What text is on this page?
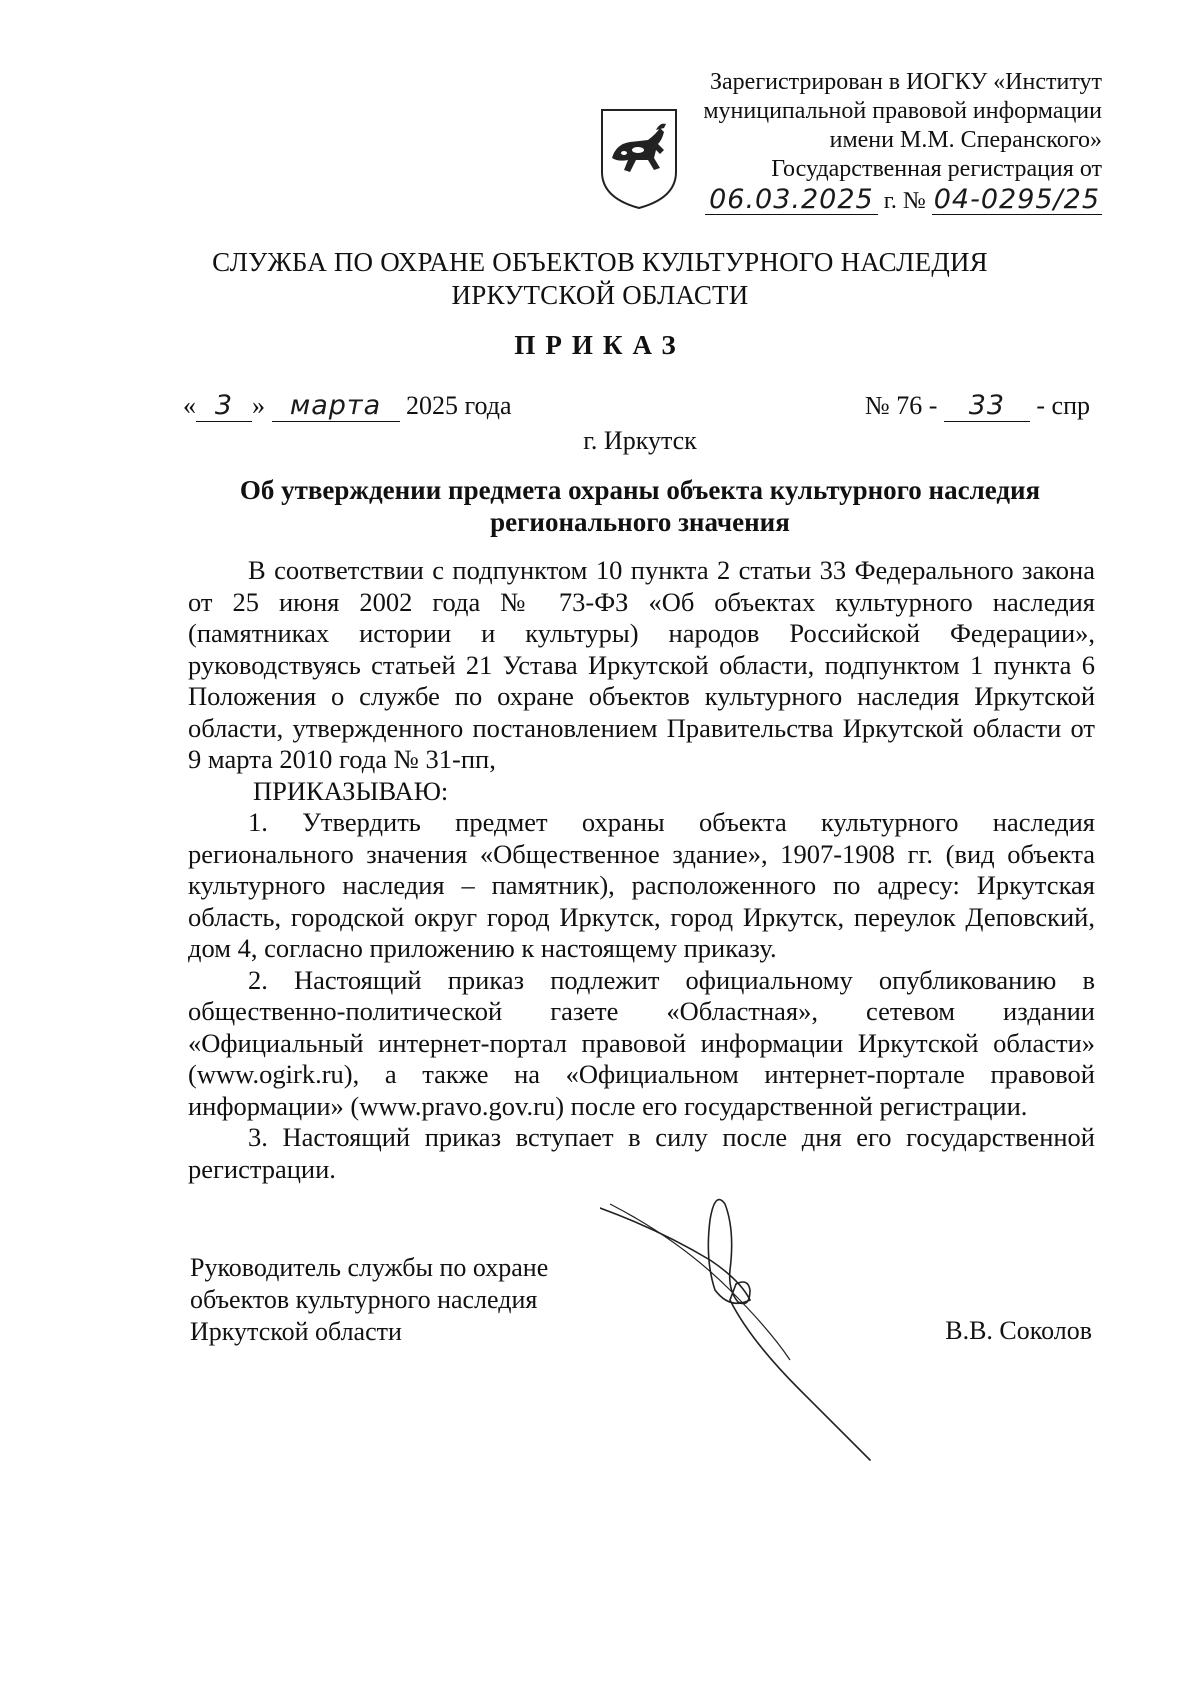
Зарегистрирован в ИОГКУ «Институт
муниципальной правовой информации
имени М.М. Сперанского»
Государственная регистрация от
06.03.2025 г. № 04-0295/25
СЛУЖБА ПО ОХРАНЕ ОБЪЕКТОВ КУЛЬТУРНОГО НАСЛЕДИЯ
ИРКУТСКОЙ ОБЛАСТИ
ПРИКАЗ
« 3 » марта 2025 года	№ 76 - 33 - спр
г. Иркутск
Об утверждении предмета охраны объекта культурного наследия
регионального значения

В соответствии с подпунктом 10 пункта 2 статьи 33 Федерального закона от 25 июня 2002 года № 73-ФЗ «Об объектах культурного наследия (памятниках истории и культуры) народов Российской Федерации», руководствуясь статьей 21 Устава Иркутской области, подпунктом 1 пункта 6 Положения о службе по охране объектов культурного наследия Иркутской области, утвержденного постановлением Правительства Иркутской области от 9 марта 2010 года № 31-пп,

ПРИКАЗЫВАЮ:

1. Утвердить предмет охраны объекта культурного наследия регионального значения «Общественное здание», 1907-1908 гг. (вид объекта культурного наследия – памятник), расположенного по адресу: Иркутская область, городской округ город Иркутск, город Иркутск, переулок Деповский, дом 4, согласно приложению к настоящему приказу.

2. Настоящий приказ подлежит официальному опубликованию в общественно-политической газете «Областная», сетевом издании «Официальный интернет-портал правовой информации Иркутской области» (www.ogirk.ru), а также на «Официальном интернет-портале правовой информации» (www.pravo.gov.ru) после его государственной регистрации.

3. Настоящий приказ вступает в силу после дня его государственной регистрации.

Руководитель службы по охране
объектов культурного наследия
Иркутской области	В.В. Соколов
